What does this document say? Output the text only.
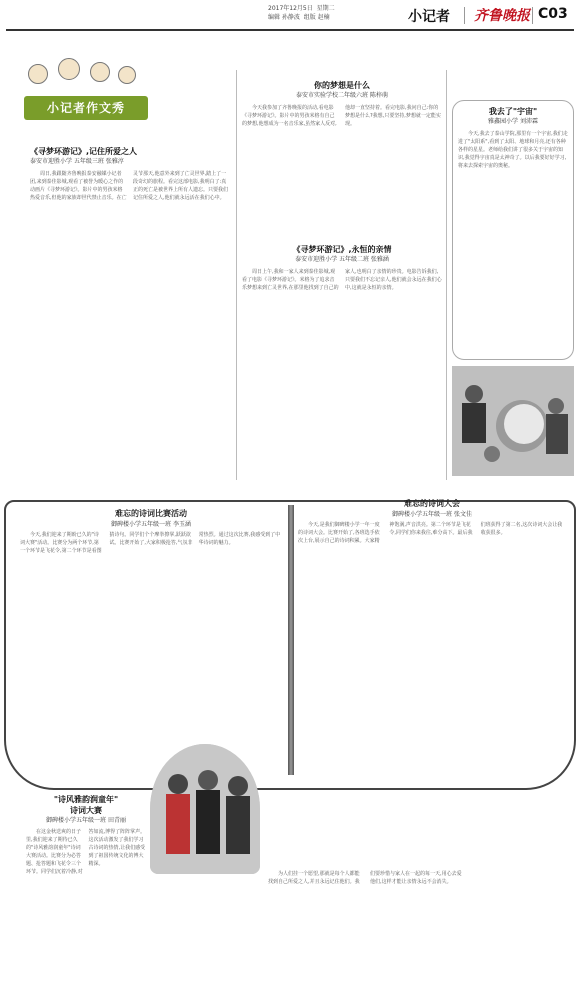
2017年12月5日 星期二
编辑 孙静波 组版 赵楠	小记者 齐鲁晚报 C03
小记者作文秀
《寻梦环游记》,记住所爱之人
泰安市迎胜小学 五年级三班 张雅淳

周日,我跟随齐鲁晚报泰安融媒小记者团,来到泰佳影城,观看了被誉为暖心之作的动画片《寻梦环游记》。影片中的男孩米格热爱音乐,但他的家族却世代禁止音乐。在亡灵节那天,他意外来到了亡灵世界,踏上了一段奇幻的旅程。看完这部电影,我明白了:真正的死亡是被世界上所有人遗忘。只要我们记住所爱之人,他们就永远活在我们心中。

你的梦想是什么
泰安市实验学校二年级六班 陈梓萌

今天我参加了齐鲁晚报的活动,看电影《寻梦环游记》。影片中的男孩米格有自己的梦想,他想成为一名音乐家,虽然家人反对,他却一直坚持着。看完电影,我问自己:你的梦想是什么?我想,只要坚持,梦想就一定能实现。

《寻梦环游记》,永恒的亲情
泰安市迎胜小学 五年级二班 张雅涵

周日上午,我和一家人来到泰佳影城,观看了电影《寻梦环游记》。米格为了追求音乐梦想来到亡灵世界,在那里他找到了自己的家人,也明白了亲情的珍贵。电影告诉我们,只要我们不忘记亲人,他们就会永远在我们心中,这就是永恒的亲情。

我去了"宇宙"
雅鑫园小学 刘沛霖

今天,我去了泰山学院,那里有一个宇宙,我们走进了"太阳系",看到了太阳、地球和月亮,还有各种各样的星星。老师给我们讲了很多关于宇宙的知识,我觉得宇宙真是太神奇了。以后我要好好学习,将来去探索宇宙的奥秘。

难忘的诗词比赛活动
御碑楼小学五年级一班 李玉涵

今天,我们迎来了期盼已久的"诗词大赛"活动。比赛分为两个环节,第一个环节是飞花令,第二个环节是看图猜诗句。同学们个个摩拳擦掌,跃跃欲试。比赛开始了,大家积极抢答,气氛非常热烈。通过这次比赛,我感受到了中华诗词的魅力。

难忘的诗词大会
御碑楼小学五年级一班 张文佳

今天,是我们御碑楼小学一年一度的诗词大会。比赛开始了,各班选手依次上台,展示自己的诗词积累。大家精神饱满,声音洪亮。第二个环节是飞花令,同学们你来我往,难分高下。最后我们班获得了第二名,这次诗词大会让我收获很多。

"诗风雅韵润童年"
诗词大赛
御碑楼小学五年级一班 田青丽

在这金秋送爽的日子里,我们迎来了期待已久的"诗风雅韵润童年"诗词大赛活动。比赛分为必答题、抢答题和飞花令三个环节。同学们沉着冷静,对答如流,博得了阵阵掌声。这次活动激发了我们学习古诗词的热情,让我们感受到了祖国传统文化的博大精深。

为人们挂一个愿望,那就是每个人都能找到自己所爱之人,并且永远记住他们。我们要珍惜与家人在一起的每一天,用心去爱他们,这样才能让亲情永远不会消失。
